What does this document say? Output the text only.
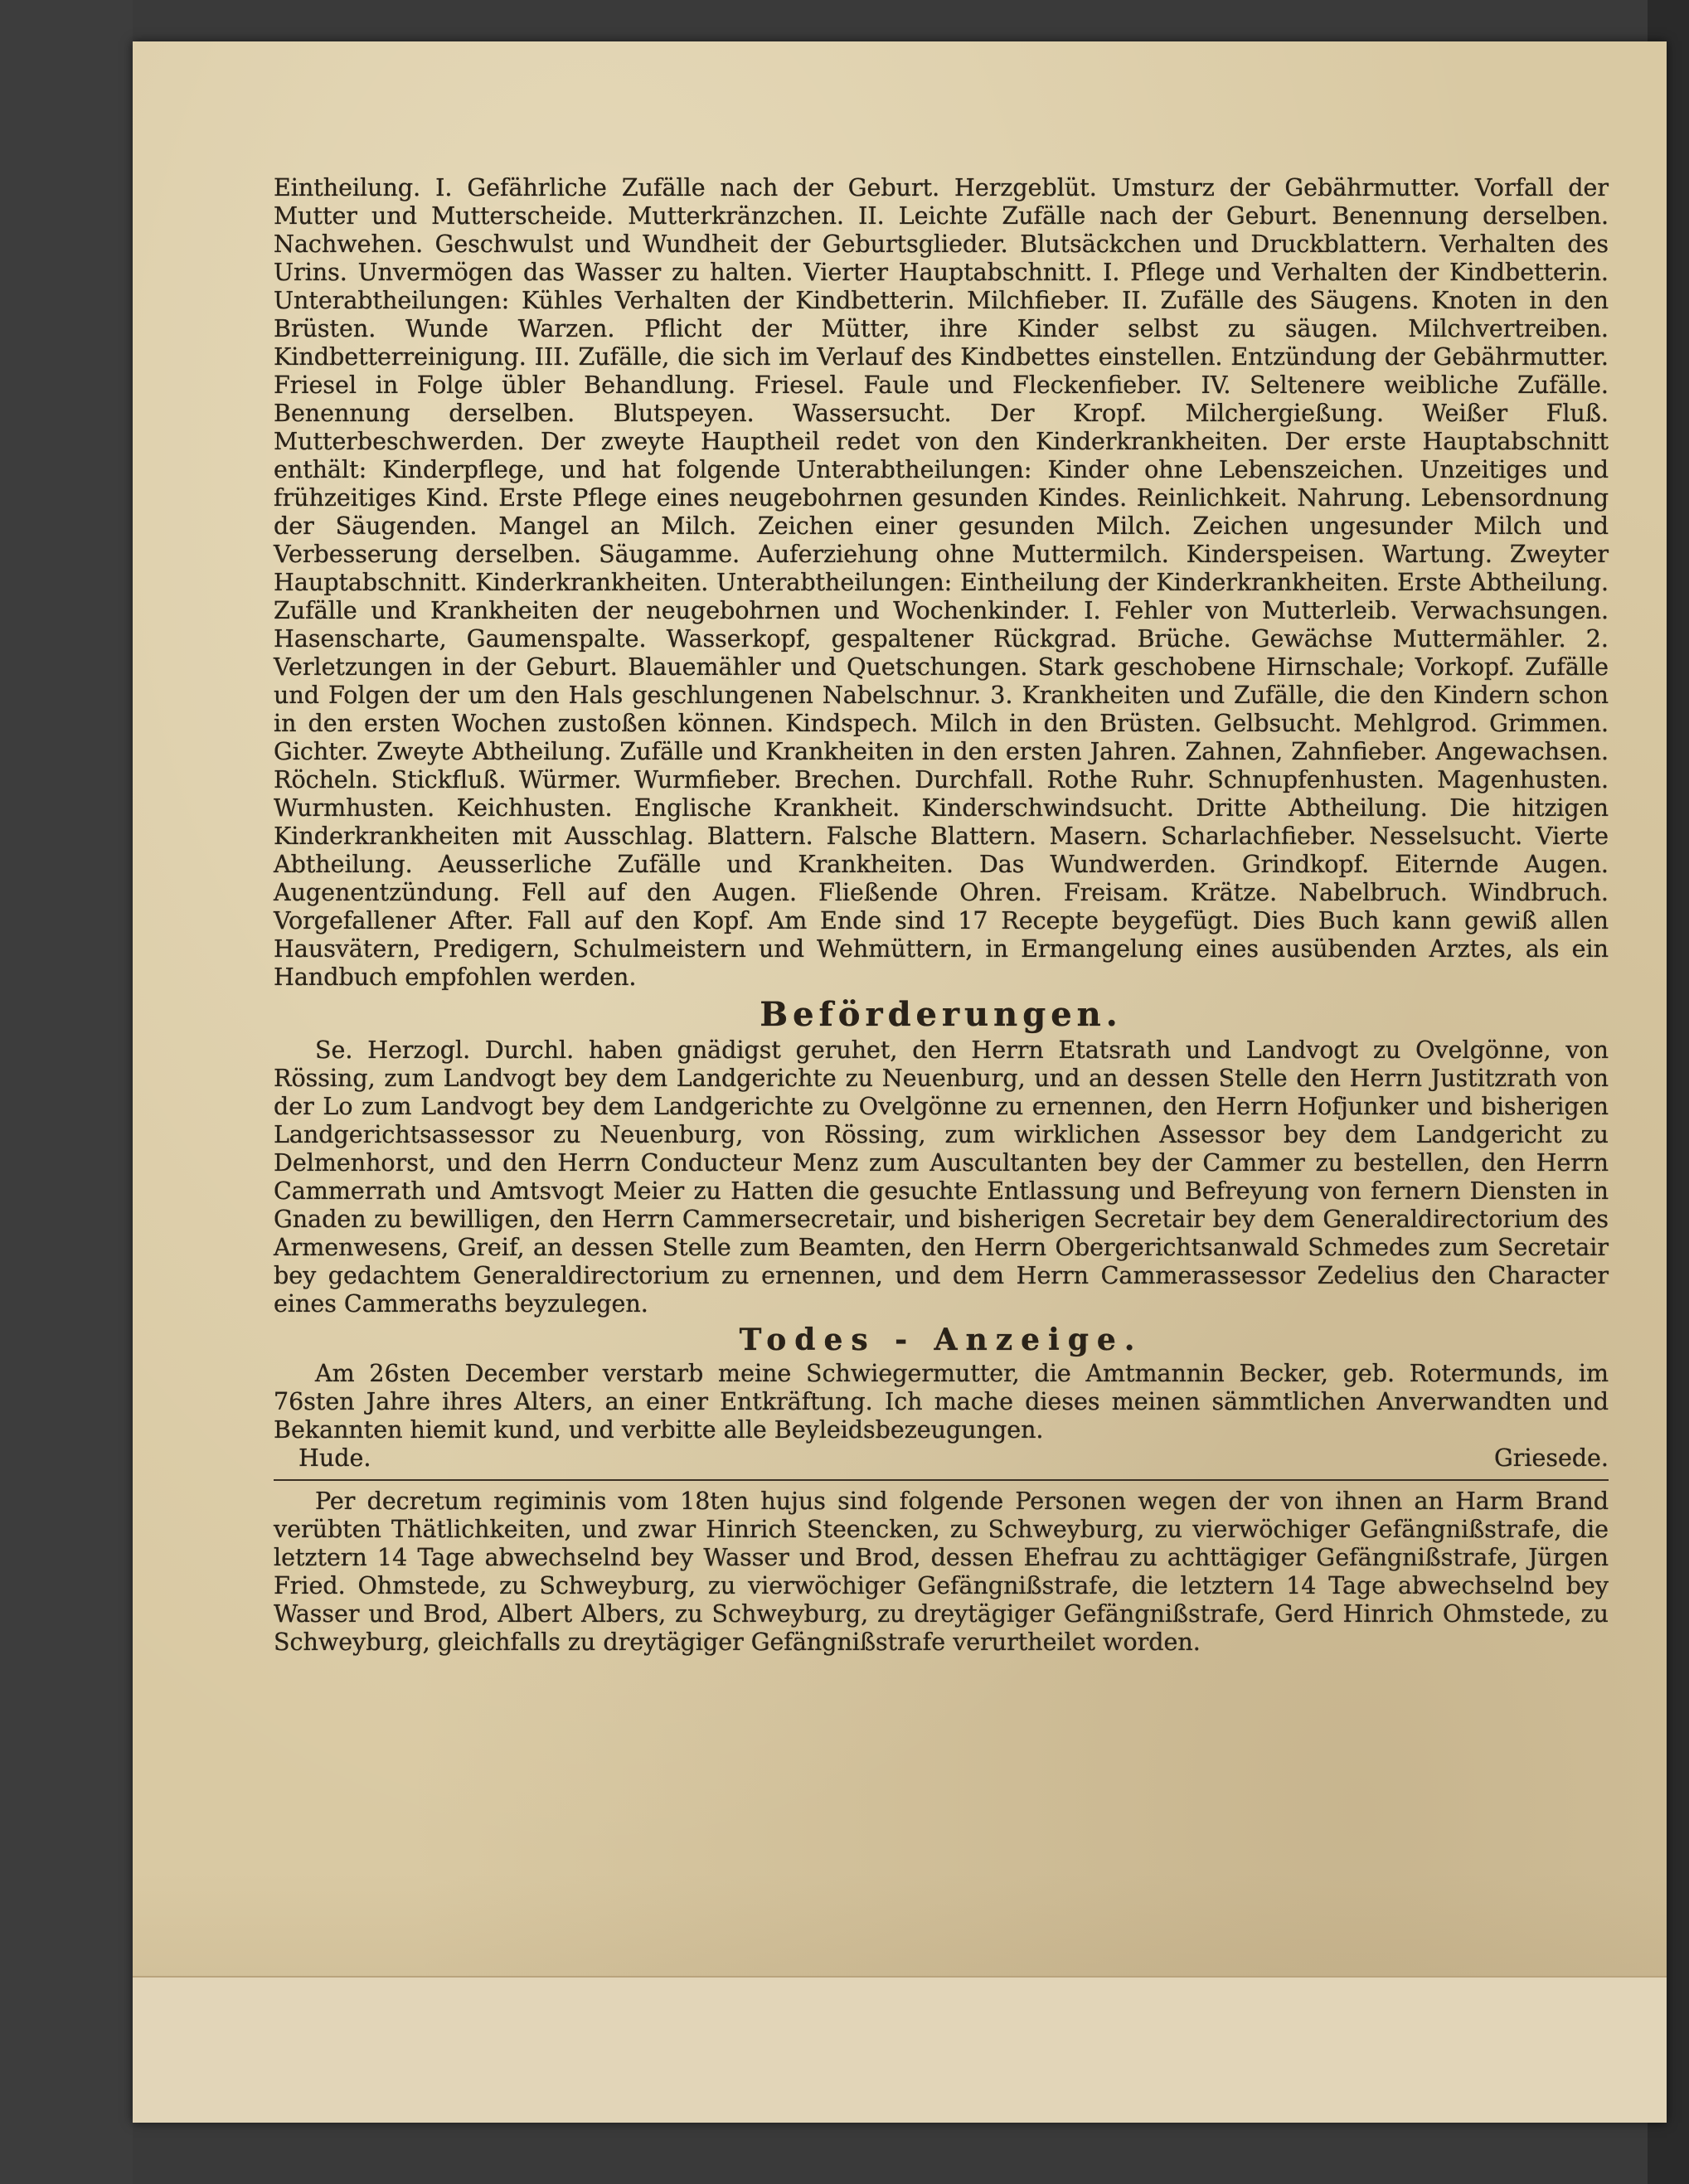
Eintheilung. I. Gefährliche Zufälle nach der Geburt. Herzgeblüt. Umsturz der Gebährmutter. Vorfall der Mutter und Mutterscheide. Mutterkränzchen. II. Leichte Zufälle nach der Geburt. Benennung derselben. Nachwehen. Geschwulst und Wundheit der Geburtsglieder. Blutsäckchen und Druckblattern. Verhalten des Urins. Unvermögen das Wasser zu halten. Vierter Hauptabschnitt. I. Pflege und Verhalten der Kindbetterin. Unterabtheilungen: Kühles Verhalten der Kindbetterin. Milchfieber. II. Zufälle des Säugens. Knoten in den Brüsten. Wunde Warzen. Pflicht der Mütter, ihre Kinder selbst zu säugen. Milchvertreiben. Kindbetterreinigung. III. Zufälle, die sich im Verlauf des Kindbettes einstellen. Entzündung der Gebährmutter. Friesel in Folge übler Behandlung. Friesel. Faule und Fleckenfieber. IV. Seltenere weibliche Zufälle. Benennung derselben. Blutspeyen. Wassersucht. Der Kropf. Milchergießung. Weißer Fluß. Mutterbeschwerden. Der zweyte Hauptheil redet von den Kinderkrankheiten. Der erste Hauptabschnitt enthält: Kinderpflege, und hat folgende Unterabtheilungen: Kinder ohne Lebenszeichen. Unzeitiges und frühzeitiges Kind. Erste Pflege eines neugebohrnen gesunden Kindes. Reinlichkeit. Nahrung. Lebensordnung der Säugenden. Mangel an Milch. Zeichen einer gesunden Milch. Zeichen ungesunder Milch und Verbesserung derselben. Säugamme. Auferziehung ohne Muttermilch. Kinderspeisen. Wartung. Zweyter Hauptabschnitt. Kinderkrankheiten. Unterabtheilungen: Eintheilung der Kinderkrankheiten. Erste Abtheilung. Zufälle und Krankheiten der neugebohrnen und Wochenkinder. I. Fehler von Mutterleib. Verwachsungen. Hasenscharte, Gaumenspalte. Wasserkopf, gespaltener Rückgrad. Brüche. Gewächse Muttermähler. 2. Verletzungen in der Geburt. Blauemähler und Quetschungen. Stark geschobene Hirnschale; Vorkopf. Zufälle und Folgen der um den Hals geschlungenen Nabelschnur. 3. Krankheiten und Zufälle, die den Kindern schon in den ersten Wochen zustoßen können. Kindspech. Milch in den Brüsten. Gelbsucht. Mehlgrod. Grimmen. Gichter. Zweyte Abtheilung. Zufälle und Krankheiten in den ersten Jahren. Zahnen, Zahnfieber. Angewachsen. Röcheln. Stickfluß. Würmer. Wurmfieber. Brechen. Durchfall. Rothe Ruhr. Schnupfenhusten. Magenhusten. Wurmhusten. Keichhusten. Englische Krankheit. Kinderschwindsucht. Dritte Abtheilung. Die hitzigen Kinderkrankheiten mit Ausschlag. Blattern. Falsche Blattern. Masern. Scharlachfieber. Nesselsucht. Vierte Abtheilung. Aeusserliche Zufälle und Krankheiten. Das Wundwerden. Grindkopf. Eiternde Augen. Augenentzündung. Fell auf den Augen. Fließende Ohren. Freisam. Krätze. Nabelbruch. Windbruch. Vorgefallener After. Fall auf den Kopf. Am Ende sind 17 Recepte beygefügt. Dies Buch kann gewiß allen Hausvätern, Predigern, Schulmeistern und Wehmüttern, in Ermangelung eines ausübenden Arztes, als ein Handbuch empfohlen werden.

Beförderungen.

Se. Herzogl. Durchl. haben gnädigst geruhet, den Herrn Etatsrath und Landvogt zu Ovelgönne, von Rössing, zum Landvogt bey dem Landgerichte zu Neuenburg, und an dessen Stelle den Herrn Justitzrath von der Lo zum Landvogt bey dem Landgerichte zu Ovelgönne zu ernennen, den Herrn Hofjunker und bisherigen Landgerichtsassessor zu Neuenburg, von Rössing, zum wirklichen Assessor bey dem Landgericht zu Delmenhorst, und den Herrn Conducteur Menz zum Auscultanten bey der Cammer zu bestellen, den Herrn Cammerrath und Amtsvogt Meier zu Hatten die gesuchte Entlassung und Befreyung von fernern Diensten in Gnaden zu bewilligen, den Herrn Cammersecretair, und bisherigen Secretair bey dem Generaldirectorium des Armenwesens, Greif, an dessen Stelle zum Beamten, den Herrn Obergerichtsanwald Schmedes zum Secretair bey gedachtem Generaldirectorium zu ernennen, und dem Herrn Cammerassessor Zedelius den Character eines Cammeraths beyzulegen.

Todes - Anzeige.

Am 26sten December verstarb meine Schwiegermutter, die Amtmannin Becker, geb. Rotermunds, im 76sten Jahre ihres Alters, an einer Entkräftung. Ich mache dieses meinen sämmtlichen Anverwandten und Bekannten hiemit kund, und verbitte alle Beyleidsbezeugungen.

Hude.	Griesede.

Per decretum regiminis vom 18ten hujus sind folgende Personen wegen der von ihnen an Harm Brand verübten Thätlichkeiten, und zwar Hinrich Steencken, zu Schweyburg, zu vierwöchiger Gefängnißstrafe, die letztern 14 Tage abwechselnd bey Wasser und Brod, dessen Ehefrau zu achttägiger Gefängnißstrafe, Jürgen Fried. Ohmstede, zu Schweyburg, zu vierwöchiger Gefängnißstrafe, die letztern 14 Tage abwechselnd bey Wasser und Brod, Albert Albers, zu Schweyburg, zu dreytägiger Gefängnißstrafe, Gerd Hinrich Ohmstede, zu Schweyburg, gleichfalls zu dreytägiger Gefängnißstrafe verurtheilet worden.
